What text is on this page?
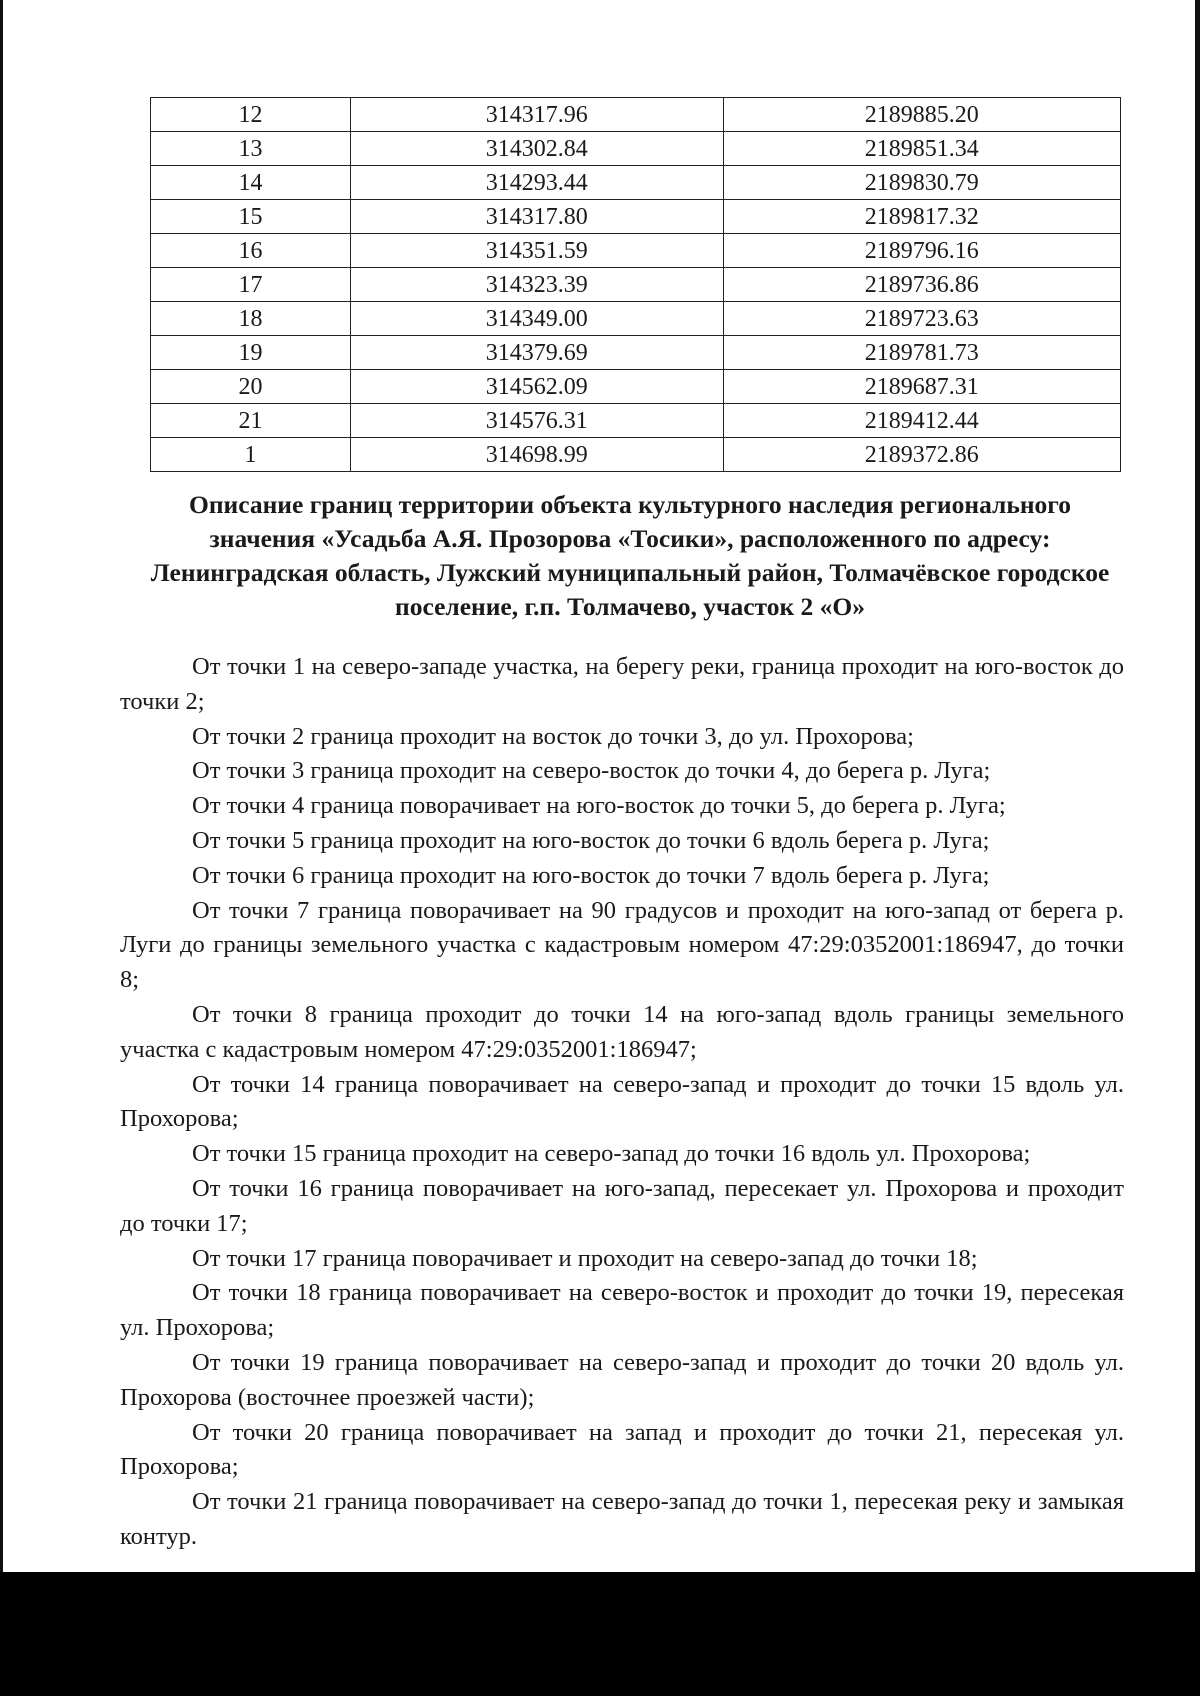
12	314317.96	2189885.20
13	314302.84	2189851.34
14	314293.44	2189830.79
15	314317.80	2189817.32
16	314351.59	2189796.16
17	314323.39	2189736.86
18	314349.00	2189723.63
19	314379.69	2189781.73
20	314562.09	2189687.31
21	314576.31	2189412.44
1	314698.99	2189372.86
Описание границ территории объекта культурного наследия регионального значения «Усадьба А.Я. Прозорова «Тосики», расположенного по адресу: Ленинградская область, Лужский муниципальный район, Толмачёвское городское поселение, г.п. Толмачево, участок 2 «О»

От точки 1 на северо-западе участка, на берегу реки, граница проходит на юго-восток до точки 2;

От точки 2 граница проходит на восток до точки 3, до ул. Прохорова;

От точки 3 граница проходит на северо-восток до точки 4, до берега р. Луга;

От точки 4 граница поворачивает на юго-восток до точки 5, до берега р. Луга;

От точки 5 граница проходит на юго-восток до точки 6 вдоль берега р. Луга;

От точки 6 граница проходит на юго-восток до точки 7 вдоль берега р. Луга;

От точки 7 граница поворачивает на 90 градусов и проходит на юго-запад от берега р. Луги до границы земельного участка с кадастровым номером 47:29:0352001:186947, до точки 8;

От точки 8 граница проходит до точки 14 на юго-запад вдоль границы земельного участка с кадастровым номером 47:29:0352001:186947;

От точки 14 граница поворачивает на северо-запад и проходит до точки 15 вдоль ул. Прохорова;

От точки 15 граница проходит на северо-запад до точки 16 вдоль ул. Прохорова;

От точки 16 граница поворачивает на юго-запад, пересекает ул. Прохорова и проходит до точки 17;

От точки 17 граница поворачивает и проходит на северо-запад до точки 18;

От точки 18 граница поворачивает на северо-восток и проходит до точки 19, пересекая ул. Прохорова;

От точки 19 граница поворачивает на северо-запад и проходит до точки 20 вдоль ул. Прохорова (восточнее проезжей части);

От точки 20 граница поворачивает на запад и проходит до точки 21, пересекая ул. Прохорова;

От точки 21 граница поворачивает на северо-запад до точки 1, пересекая реку и замыкая контур.
